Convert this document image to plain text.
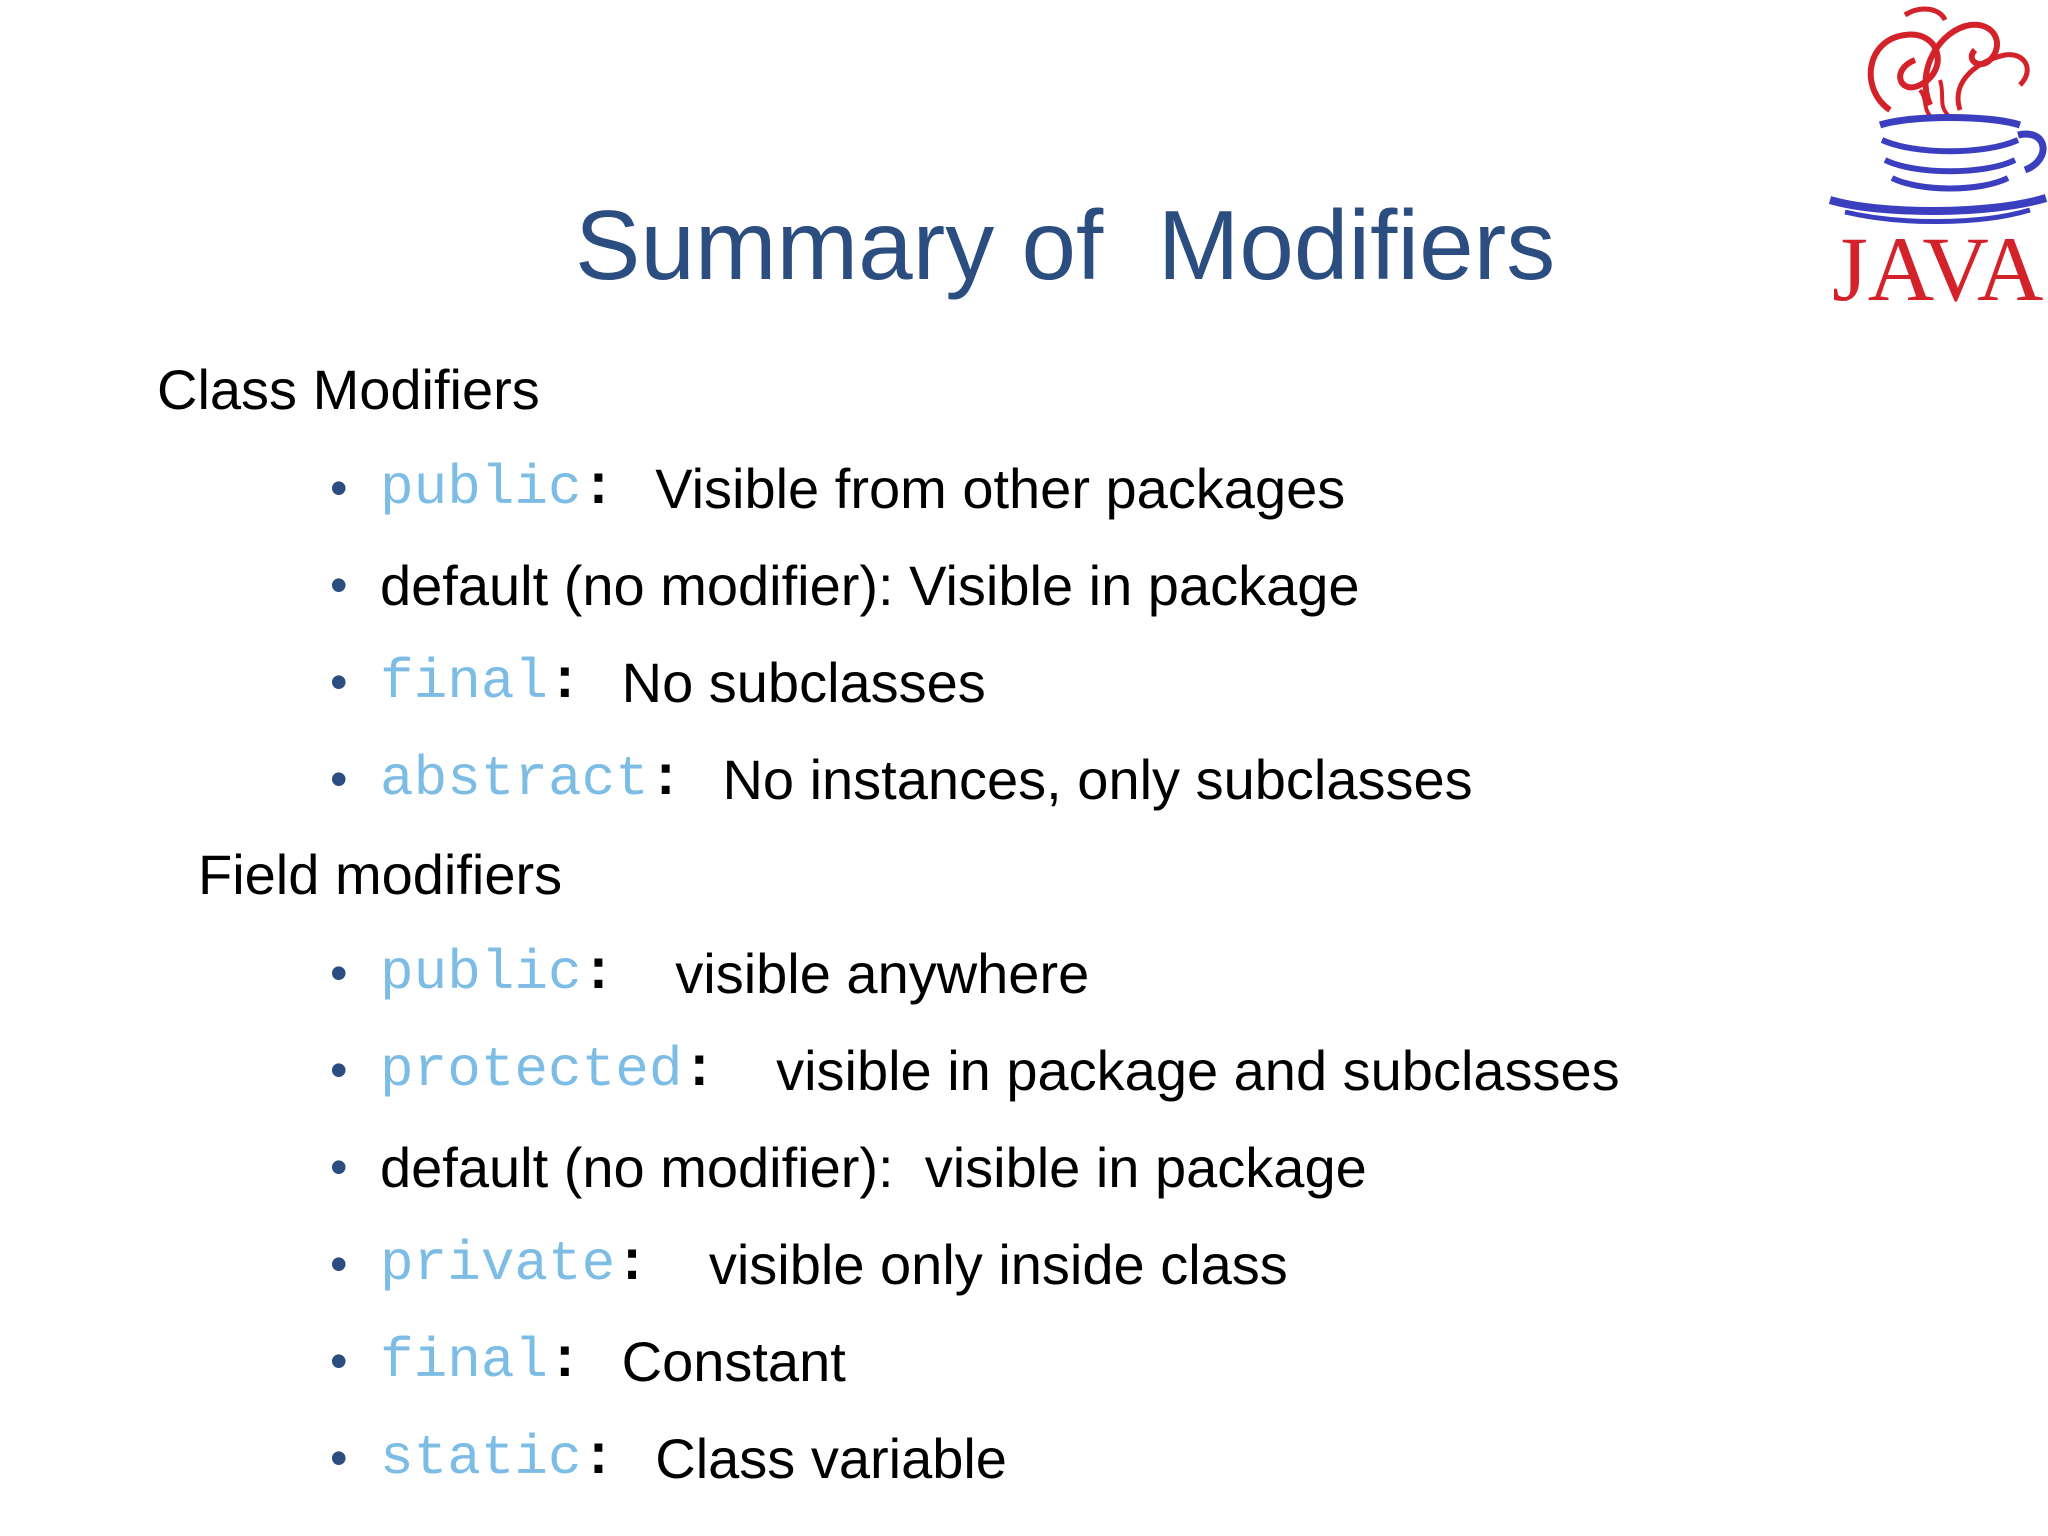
Summary of  Modifiers	JAVA
Class Modifiers
• public : Visible from other packages
• default (no modifier): Visible in package
• final : No subclasses
• abstract : No instances, only subclasses
Field modifiers
• public : visible anywhere
• protected : visible in package and subclasses
• default (no modifier):  visible in package
• private : visible only inside class
• final : Constant
• static : Class variable
